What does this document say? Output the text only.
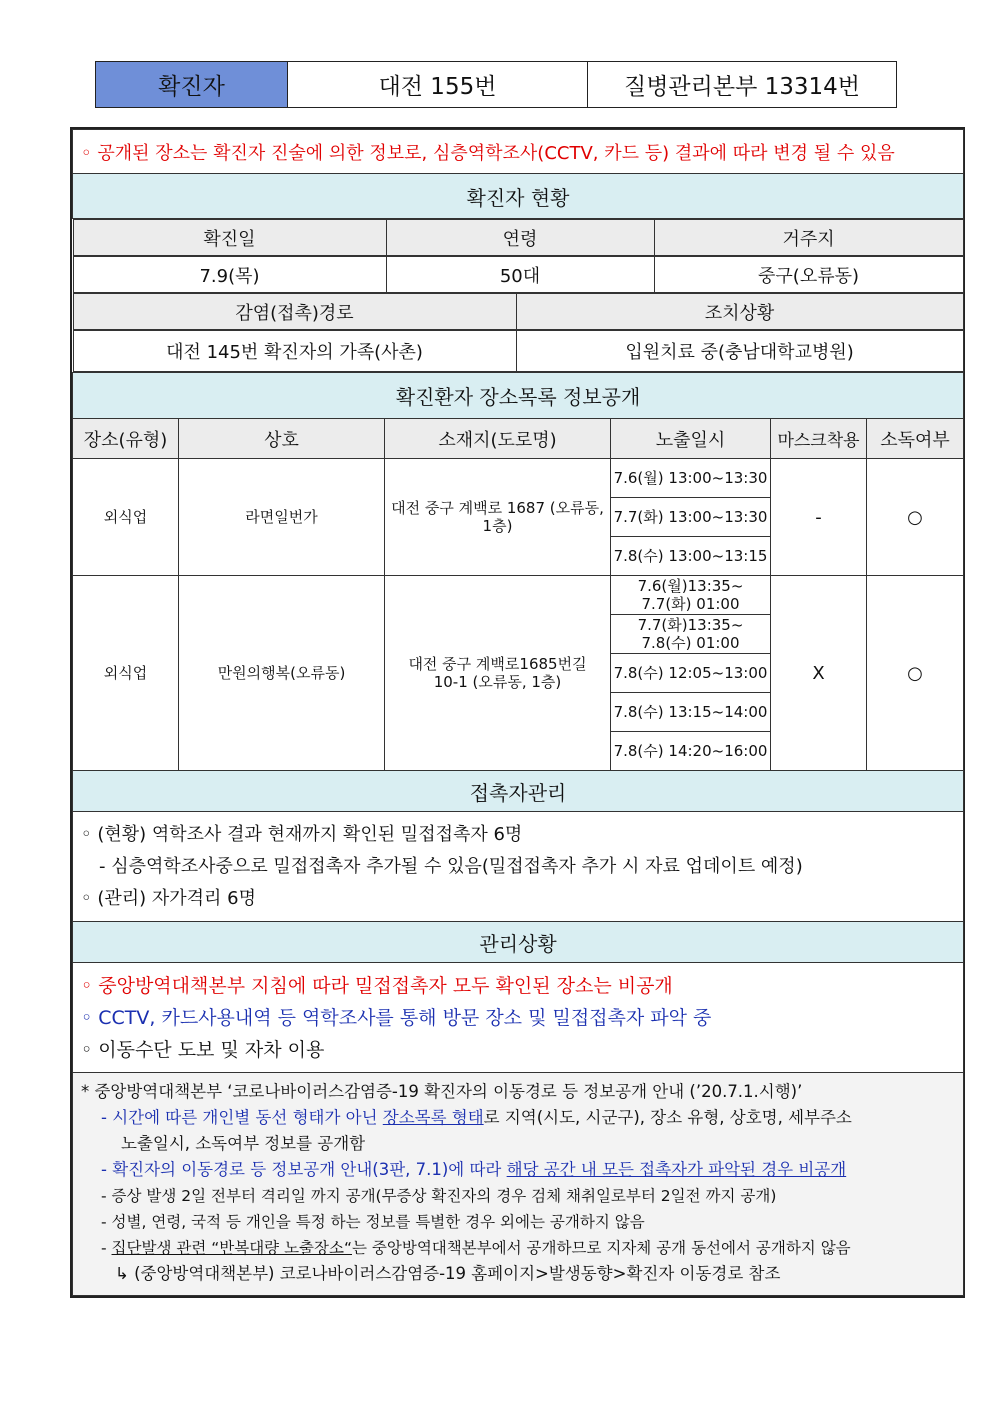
확진자	대전 155번	질병관리본부 13314번
◦ 공개된 장소는 확진자 진술에 의한 정보로, 심층역학조사(CCTV, 카드 등) 결과에 따라 변경 될 수 있음
확진자 현황

확진일	연령	거주지

7.9(목)	50대	중구(오류동)

감염(접촉)경로	조치상황

대전 145번 확진자의 가족(사촌)	입원치료 중(충남대학교병원)

확진환자 장소목록 정보공개
장소(유형)	상호	소재지(도로명)	노출일시	마스크착용	소독여부
외식업	라면일번가	대전 중구 계백로 1687 (오류동, 1층)	7.6(월) 13:00~13:30	-	○
7.7(화) 13:00~13:30
7.8(수) 13:00~13:15
외식업	만원의행복(오류동)	대전 중구 계백로1685번길 10-1 (오류동, 1층)	7.6(월)13:35~ 7.7(화) 01:00	X	○
7.7(화)13:35~ 7.8(수) 01:00
7.8(수) 12:05~13:00
7.8(수) 13:15~14:00
7.8(수) 14:20~16:00
접촉자관리

◦ (현황) 역학조사 결과 현재까지 확인된 밀접접촉자 6명
- 심층역학조사중으로 밀접접촉자 추가될 수 있음(밀접접촉자 추가 시 자료 업데이트 예정)
◦ (관리) 자가격리 6명

관리상황

◦ 중앙방역대책본부 지침에 따라 밀접접촉자 모두 확인된 장소는 비공개
◦ CCTV, 카드사용내역 등 역학조사를 통해 방문 장소 및 밀접접촉자 파악 중
◦ 이동수단 도보 및 자차 이용

* 중앙방역대책본부 ‘코로나바이러스감염증-19 확진자의 이동경로 등 정보공개 안내 (’20.7.1.시행)’
- 시간에 따른 개인별 동선 형태가 아닌 장소목록 형태로 지역(시도, 시군구), 장소 유형, 상호명, 세부주소
노출일시, 소독여부 정보를 공개함
- 확진자의 이동경로 등 정보공개 안내(3판, 7.1)에 따라 해당 공간 내 모든 접촉자가 파악된 경우 비공개
- 증상 발생 2일 전부터 격리일 까지 공개(무증상 확진자의 경우 검체 채취일로부터 2일전 까지 공개)
- 성별, 연령, 국적 등 개인을 특정 하는 정보를 특별한 경우 외에는 공개하지 않음
- 집단발생 관련 “반복대량 노출장소“는 중앙방역대책본부에서 공개하므로 지자체 공개 동선에서 공개하지 않음
↳ (중앙방역대책본부) 코로나바이러스감염증-19 홈페이지>발생동향>확진자 이동경로 참조
